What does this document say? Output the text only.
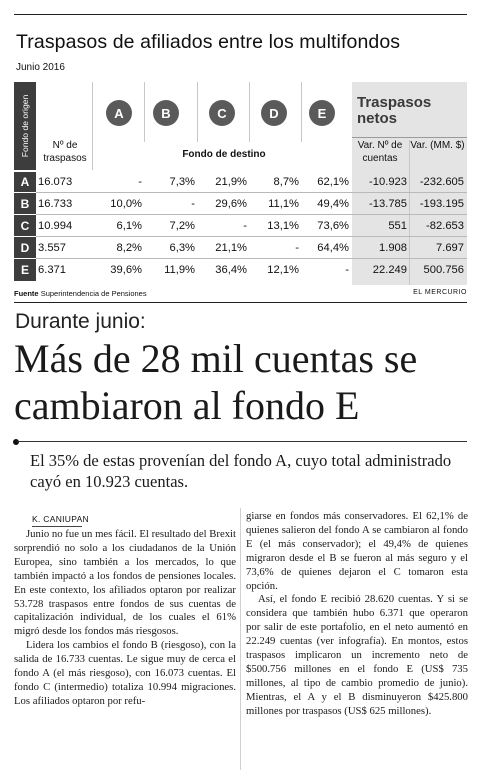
Traspasos de afiliados entre los multifondos
Junio 2016
Traspasos netos
Fondo de origen	Nº de traspasos
A	B	C	D	E
Fondo de destino
Var. Nº de cuentas
Var. (MM. $)
A 16.073	-	7,3%	21,9%	8,7%	62,1%	-10.923	-232.605
B 16.733	10,0%	-	29,6%	11,1%	49,4%	-13.785	-193.195
C 10.994	6,1%	7,2%	-	13,1%	73,6%	551	-82.653
D 3.557	8,2%	6,3%	21,1%	-	64,4%	1.908	7.697
E 6.371	39,6%	11,9%	36,4%	12,1%	-	22.249	500.756
Fuente Superintendencia de Pensiones	EL MERCURIO
Durante junio:
Más de 28 mil cuentas se cambiaron al fondo E
El 35% de estas provenían del fondo A, cuyo total administrado cayó en 10.923 cuentas.
K. CANIUPAN

Junio no fue un mes fácil. El resultado del Brexit sorprendió no solo a los ciudadanos de la Unión Europea, sino también a los mercados, lo que también impactó a los fondos de pensiones locales. En este contexto, los afiliados optaron por realizar 53.728 traspasos entre fondos de sus cuentas de capitalización individual, de los cuales el 61% migró desde los fondos más riesgosos.

Lidera los cambios el fondo B (riesgoso), con la salida de 16.733 cuentas. Le sigue muy de cerca el fondo A (el más riesgoso), con 16.073 cuentas. El fondo C (intermedio) totaliza 10.994 migraciones. Los afiliados optaron por refu-

giarse en fondos más conservadores. El 62,1% de quienes salieron del fondo A se cambiaron al fondo E (el más conservador); el 49,4% de quienes migraron desde el B se fueron al más seguro y el 73,6% de quienes dejaron el C tomaron esta opción.

Así, el fondo E recibió 28.620 cuentas. Y si se considera que también hubo 6.371 que operaron por salir de este portafolio, en el neto aumentó en 22.249 cuentas (ver infografía). En montos, estos traspasos implicaron un incremento neto de $500.756 millones en el fondo E (US$ 735 millones, al tipo de cambio promedio de junio). Mientras, el A y el B disminuyeron $425.800 millones por traspasos (US$ 625 millones).
